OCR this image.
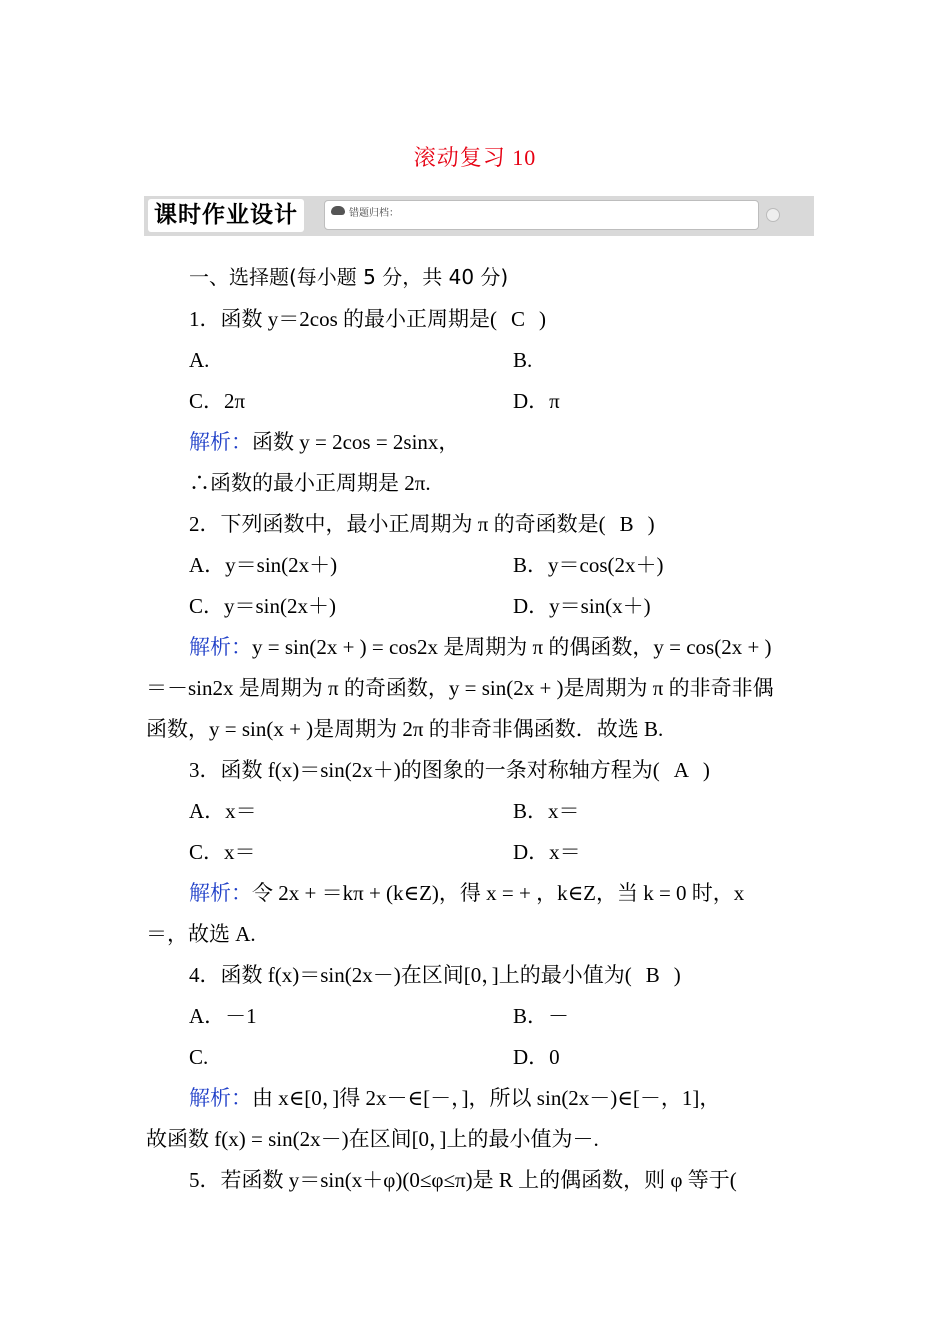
滚动复习 10
课时作业设计	错题归档：
一、选择题(每小题 5 分，共 40 分)
1．函数 y＝2cos 的最小正周期是( C )
A.	B.
C．2π	D．π
解析：函数 y = 2cos = 2sinx，
∴函数的最小正周期是 2π.
2．下列函数中，最小正周期为 π 的奇函数是( B )
A．y＝sin(2x＋)	B．y＝cos(2x＋)
C．y＝sin(2x＋)	D．y＝sin(x＋)
解析：y = sin(2x + ) = cos2x 是周期为 π 的偶函数，y = cos(2x + )
＝－sin2x 是周期为 π 的奇函数，y = sin(2x + )是周期为 π 的非奇非偶
函数，y = sin(x + )是周期为 2π 的非奇非偶函数．故选 B.
3．函数 f(x)＝sin(2x＋)的图象的一条对称轴方程为( A )
A．x＝	B．x＝
C．x＝	D．x＝
解析：令 2x + ＝kπ + (k∈Z)，得 x = + ，k∈Z，当 k = 0 时，x
＝，故选 A.
4．函数 f(x)＝sin(2x－)在区间[0，]上的最小值为( B )
A．－1	B．－
C.	D．0
解析：由 x∈[0，]得 2x－∈[－，]，所以 sin(2x－)∈[－，1]，
故函数 f(x) = sin(2x－)在区间[0，]上的最小值为－.
5．若函数 y＝sin(x＋φ)(0≤φ≤π)是 R 上的偶函数，则 φ 等于(
